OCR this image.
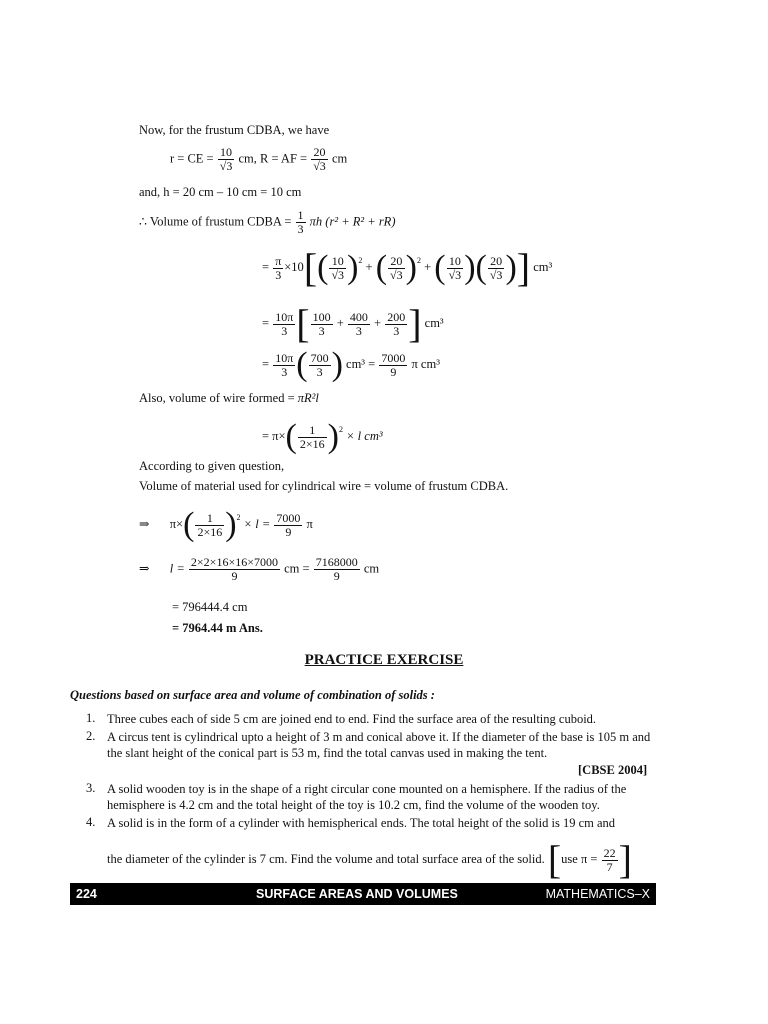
Now, for the frustum CDBA, we have
r = CE = $\frac{10}{√3}$ cm, R = AF = $\frac{20}{√3}$ cm
and, h = 20 cm – 10 cm = 10 cm
∴ Volume of frustum CDBA = $\frac{1}{3}$ πh (r² + R² + rR)
= $\frac{\pi}{3} \times 10[( \frac{10}{√3} )^2$ + ( $\frac{20}{√3} )^2$ + ( $\frac{10}{√3}$ )( $\frac{20}{√3}$ )] cm³
= $\frac{10\pi}{3}$ [ $\frac{100}{3} + \frac{400}{3} + \frac{200}{3}$ ] cm³
= $\frac{10\pi}{3}$ ( $\frac{700}{3}$ ) $cm^3 = \frac{7000}{9}$ π cm³
Also, volume of wire formed = πR²l
= $\pi\times( \frac{1}{2\times 16} )^2 \times l$ cm³
According to given question,
Volume of material used for cylindrical wire = volume of frustum CDBA.
⇒ $\pi\times( \frac{1}{2\times 16} )^2 \times l = \frac{7000}{9}$ π
⇒ $l = \frac{2\times 2\times 16\times 16\times 7000}{9}$ cm = $\frac{7168000}{9}$ cm
= 796444.4 cm
= 7964.44 m Ans.
PRACTICE EXERCISE
Questions based on surface area and volume of combination of solids :
1. Three cubes each of side 5 cm are joined end to end. Find the surface area of the resulting cuboid.
2. A circus tent is cylindrical upto a height of 3 m and conical above it. If the diameter of the base is 105 m and the slant height of the conical part is 53 m, find the total canvas used in making the tent.
[CBSE 2004]
3. A solid wooden toy is in the shape of a right circular cone mounted on a hemisphere. If the radius of the hemisphere is 4.2 cm and the total height of the toy is 10.2 cm, find the volume of the wooden toy.
4. A solid is in the form of a cylinder with hemispherical ends. The total height of the solid is 19 cm and
the diameter of the cylinder is 7 cm. Find the volume and total surface area of the solid. [use $\pi = \frac{22}{7}$ ]
224	SURFACE AREAS AND VOLUMES	MATHEMATICS–X
